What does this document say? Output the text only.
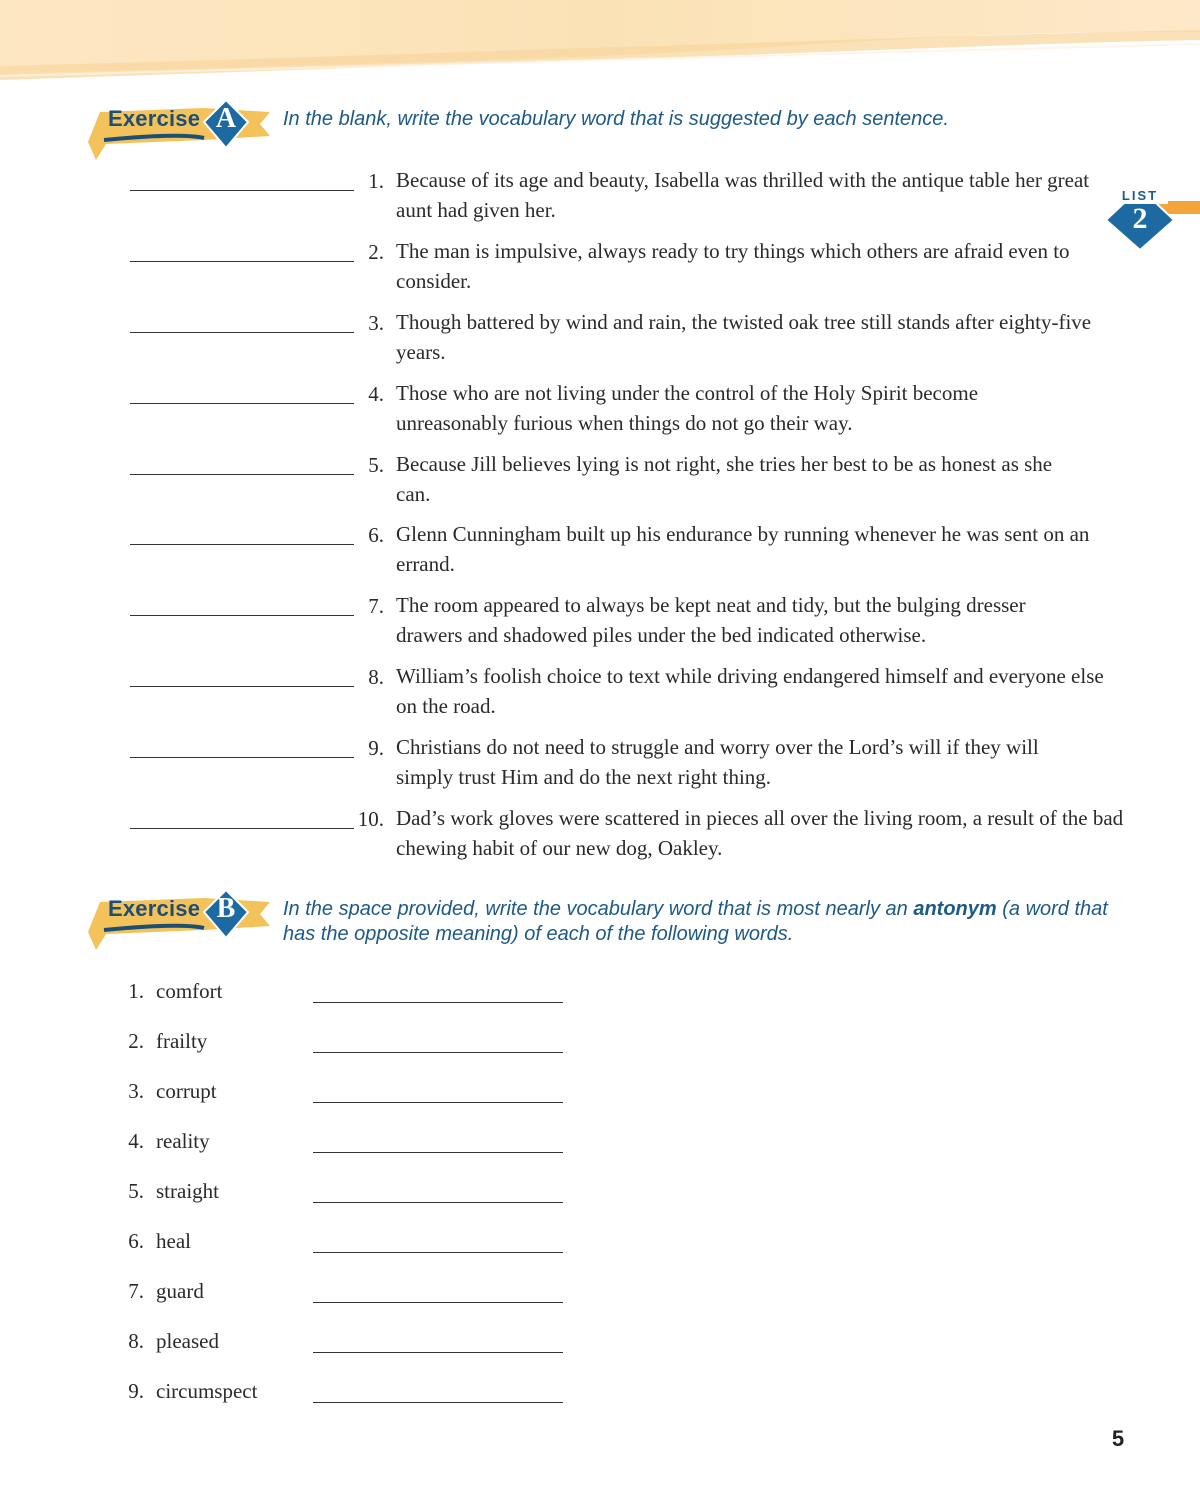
Exercise A In the blank, write the vocabulary word that is suggested by each sentence.
LIST
2
1. Because of its age and beauty, Isabella was thrilled with the antique table her great aunt had given her.
2. The man is impulsive, always ready to try things which others are afraid even to consider.
3. Though battered by wind and rain, the twisted oak tree still stands after eighty-five years.
4. Those who are not living under the control of the Holy Spirit become unreasonably furious when things do not go their way.
5. Because Jill believes lying is not right, she tries her best to be as honest as she can.
6. Glenn Cunningham built up his endurance by running whenever he was sent on an errand.
7. The room appeared to always be kept neat and tidy, but the bulging dresser drawers and shadowed piles under the bed indicated otherwise.
8. William’s foolish choice to text while driving endangered himself and everyone else on the road.
9. Christians do not need to struggle and worry over the Lord’s will if they will simply trust Him and do the next right thing.
10. Dad’s work gloves were scattered in pieces all over the living room, a result of the bad chewing habit of our new dog, Oakley.
Exercise B	In the space provided, write the vocabulary word that is most nearly an antonym (a word that has the opposite meaning) of each of the following words.
1. comfort
2. frailty
3. corrupt
4. reality
5. straight
6. heal
7. guard
8. pleased
9. circumspect
5
